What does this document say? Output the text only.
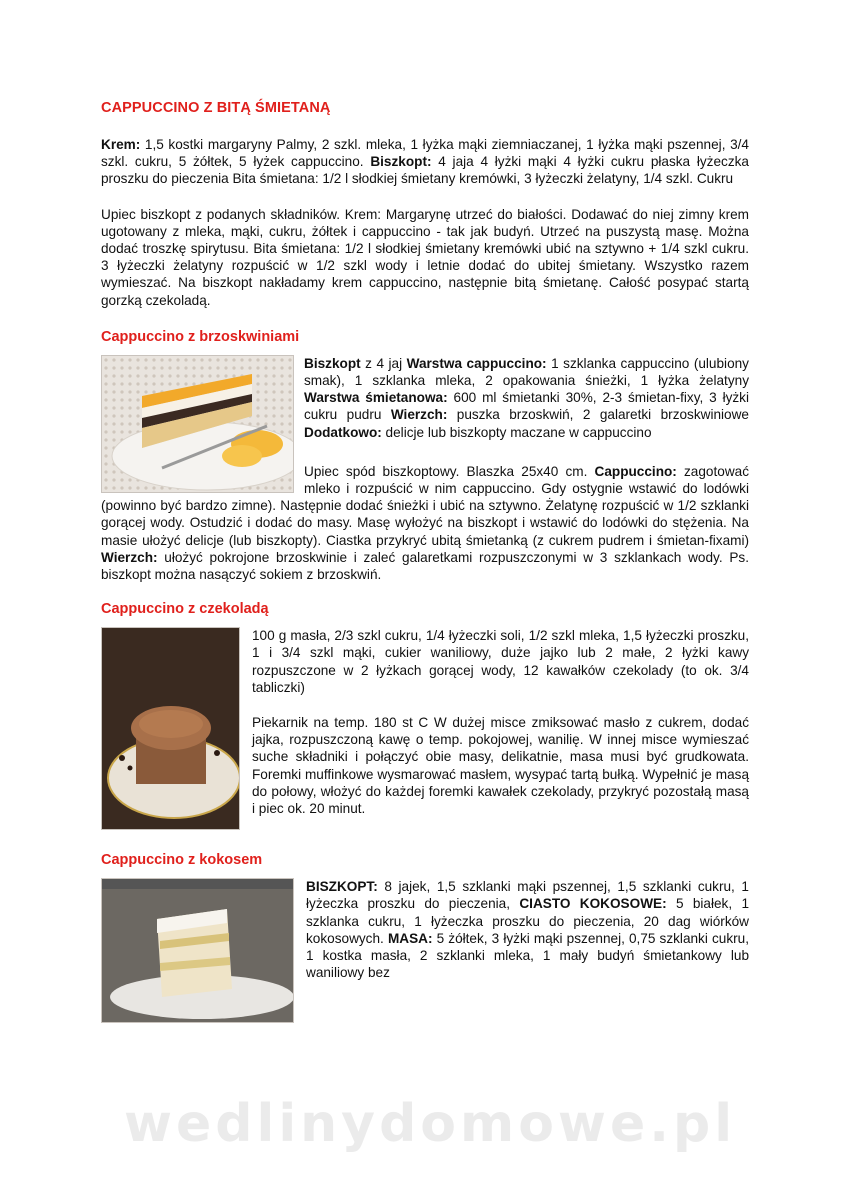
CAPPUCCINO Z BITĄ ŚMIETANĄ

Krem: 1,5 kostki margaryny Palmy, 2 szkl. mleka, 1 łyżka mąki ziemniaczanej, 1 łyżka mąki pszennej, 3/4 szkl. cukru, 5 żółtek, 5 łyżek cappuccino. Biszkopt: 4 jaja 4 łyżki mąki 4 łyżki cukru płaska łyżeczka proszku do pieczenia Bita śmietana: 1/2 l słodkiej śmietany kremówki, 3 łyżeczki żelatyny, 1/4 szkl. Cukru

Upiec biszkopt z podanych składników. Krem: Margarynę utrzeć do białości. Dodawać do niej zimny krem ugotowany z mleka, mąki, cukru, żółtek i cappuccino - tak jak budyń. Utrzeć na puszystą masę. Można dodać troszkę spirytusu. Bita śmietana: 1/2 l słodkiej śmietany kremówki ubić na sztywno + 1/4 szkl cukru. 3 łyżeczki żelatyny rozpuścić w 1/2 szkl wody i letnie dodać do ubitej śmietany. Wszystko razem wymieszać. Na biszkopt nakładamy krem cappuccino, następnie bitą śmietanę. Całość posypać startą gorzką czekoladą.

Cappuccino z brzoskwiniami

Biszkopt z 4 jaj Warstwa cappuccino: 1 szklanka cappuccino (ulubiony smak), 1 szklanka mleka, 2 opakowania śnieżki, 1 łyżka żelatyny Warstwa śmietanowa: 600 ml śmietanki 30%, 2-3 śmietan-fixy, 3 łyżki cukru pudru Wierzch: puszka brzoskwiń, 2 galaretki brzoskwiniowe Dodatkowo: delicje lub biszkopty maczane w cappuccino

Upiec spód biszkoptowy. Blaszka 25x40 cm. Cappuccino: zagotować mleko i rozpuścić w nim cappuccino. Gdy ostygnie wstawić do lodówki (powinno być bardzo zimne). Następnie dodać śnieżki i ubić na sztywno. Żelatynę rozpuścić w 1/2 szklanki gorącej wody. Ostudzić i dodać do masy. Masę wyłożyć na biszkopt i wstawić do lodówki do stężenia. Na masie ułożyć delicje (lub biszkopty). Ciastka przykryć ubitą śmietanką (z cukrem pudrem i śmietan-fixami) Wierzch: ułożyć pokrojone brzoskwinie i zaleć galaretkami rozpuszczonymi w 3 szklankach wody. Ps. biszkopt można nasączyć sokiem z brzoskwiń.

Cappuccino z czekoladą

100 g masła, 2/3 szkl cukru, 1/4 łyżeczki soli, 1/2 szkl mleka, 1,5 łyżeczki proszku, 1 i 3/4 szkl mąki, cukier waniliowy, duże jajko lub 2 małe, 2 łyżki kawy rozpuszczone w 2 łyżkach gorącej wody, 12 kawałków czekolady (to ok. 3/4 tabliczki)

Piekarnik na temp. 180 st C W dużej misce zmiksować masło z cukrem, dodać jajka, rozpuszczoną kawę o temp. pokojowej, wanilię. W innej misce wymieszać suche składniki i połączyć obie masy, delikatnie, masa musi być grudkowata. Foremki muffinkowe wysmarować masłem, wysypać tartą bułką. Wypełnić je masą do połowy, włożyć do każdej foremki kawałek czekolady, przykryć pozostałą masą i piec ok. 20 minut.

Cappuccino z kokosem

BISZKOPT: 8 jajek, 1,5 szklanki mąki pszennej, 1,5 szklanki cukru, 1 łyżeczka proszku do pieczenia, CIASTO KOKOSOWE: 5 białek, 1 szklanka cukru, 1 łyżeczka proszku do pieczenia, 20 dag wiórków kokosowych. MASA: 5 żółtek, 3 łyżki mąki pszennej, 0,75 szklanki cukru, 1 kostka masła, 2 szklanki mleka, 1 mały budyń śmietankowy lub waniliowy bez

wedlinydomowe.pl
